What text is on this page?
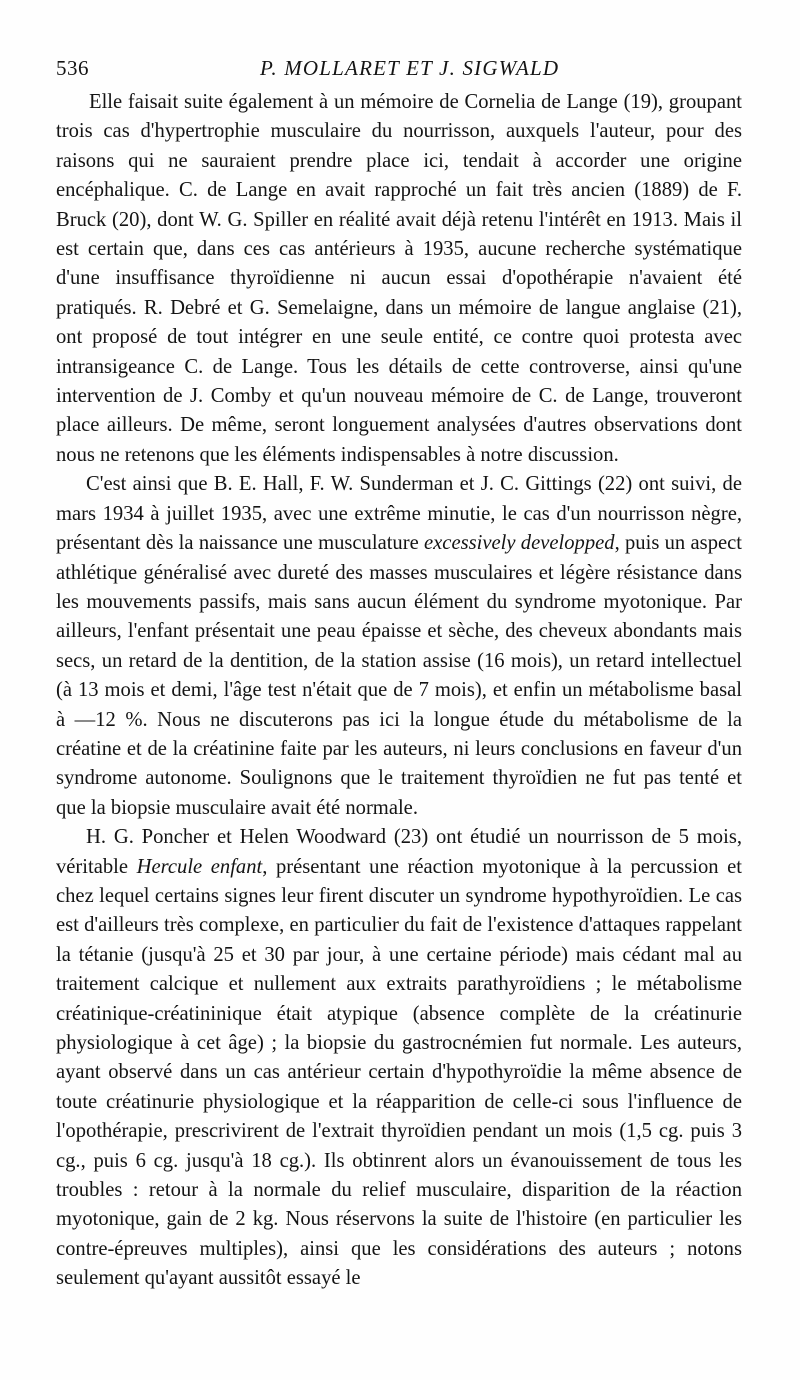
536	P. MOLLARET ET J. SIGWALD

Elle faisait suite également à un mémoire de Cornelia de Lange (19), groupant trois cas d'hypertrophie musculaire du nourrisson, auxquels l'auteur, pour des raisons qui ne sauraient prendre place ici, tendait à accorder une origine encéphalique. C. de Lange en avait rapproché un fait très ancien (1889) de F. Bruck (20), dont W. G. Spiller en réalité avait déjà retenu l'intérêt en 1913. Mais il est certain que, dans ces cas antérieurs à 1935, aucune recherche systématique d'une insuffisance thyroïdienne ni aucun essai d'opothérapie n'avaient été pratiqués. R. Debré et G. Semelaigne, dans un mémoire de langue anglaise (21), ont proposé de tout intégrer en une seule entité, ce contre quoi protesta avec intransigeance C. de Lange. Tous les détails de cette controverse, ainsi qu'une intervention de J. Comby et qu'un nouveau mémoire de C. de Lange, trouveront place ailleurs. De même, seront longuement analysées d'autres observations dont nous ne retenons que les éléments indispensables à notre discussion.

C'est ainsi que B. E. Hall, F. W. Sunderman et J. C. Gittings (22) ont suivi, de mars 1934 à juillet 1935, avec une extrême minutie, le cas d'un nourrisson nègre, présentant dès la naissance une musculature excessively developped, puis un aspect athlétique généralisé avec dureté des masses musculaires et légère résistance dans les mouvements passifs, mais sans aucun élément du syndrome myotonique. Par ailleurs, l'enfant présentait une peau épaisse et sèche, des cheveux abondants mais secs, un retard de la dentition, de la station assise (16 mois), un retard intellectuel (à 13 mois et demi, l'âge test n'était que de 7 mois), et enfin un métabolisme basal à —12 %. Nous ne discuterons pas ici la longue étude du métabolisme de la créatine et de la créatinine faite par les auteurs, ni leurs conclusions en faveur d'un syndrome autonome. Soulignons que le traitement thyroïdien ne fut pas tenté et que la biopsie musculaire avait été normale.

H. G. Poncher et Helen Woodward (23) ont étudié un nourrisson de 5 mois, véritable Hercule enfant, présentant une réaction myotonique à la percussion et chez lequel certains signes leur firent discuter un syndrome hypothyroïdien. Le cas est d'ailleurs très complexe, en particulier du fait de l'existence d'attaques rappelant la tétanie (jusqu'à 25 et 30 par jour, à une certaine période) mais cédant mal au traitement calcique et nullement aux extraits parathyroïdiens ; le métabolisme créatinique-créatininique était atypique (absence complète de la créatinurie physiologique à cet âge) ; la biopsie du gastrocnémien fut normale. Les auteurs, ayant observé dans un cas antérieur certain d'hypothyroïdie la même absence de toute créatinurie physiologique et la réapparition de celle-ci sous l'influence de l'opothérapie, prescrivirent de l'extrait thyroïdien pendant un mois (1,5 cg. puis 3 cg., puis 6 cg. jusqu'à 18 cg.). Ils obtinrent alors un évanouissement de tous les troubles : retour à la normale du relief musculaire, disparition de la réaction myotonique, gain de 2 kg. Nous réservons la suite de l'histoire (en particulier les contre-épreuves multiples), ainsi que les considérations des auteurs ; notons seulement qu'ayant aussitôt essayé le
